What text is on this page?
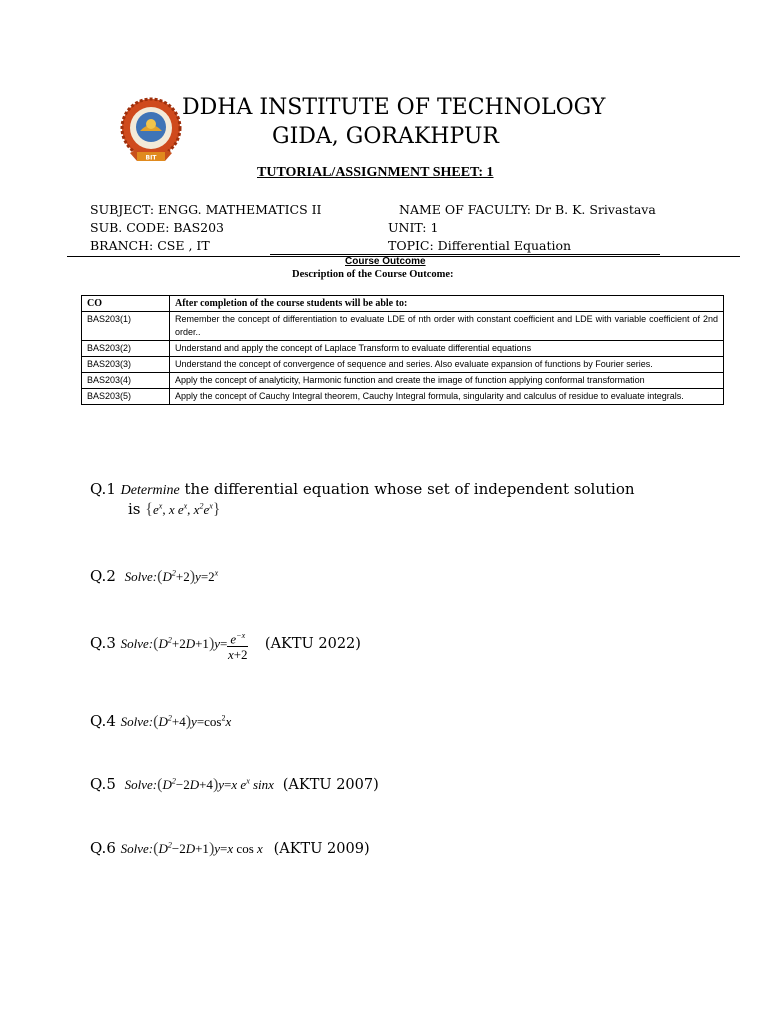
BIT
DDHA INSTITUTE OF TECHNOLOGY
GIDA, GORAKHPUR
TUTORIAL/ASSIGNMENT SHEET: 1
SUBJECT: ENGG. MATHEMATICS II	NAME OF FACULTY: Dr B. K. Srivastava
SUB. CODE: BAS203	UNIT: 1
BRANCH: CSE , IT	TOPIC: Differential Equation
Course Outcome
Description of the Course Outcome:
CO	After completion of the course students will be able to:
BAS203(1)	Remember the concept of differentiation to evaluate LDE of nth order with constant coefficient and LDE with variable coefficient of 2nd order..
BAS203(2)	Understand and apply the concept of Laplace Transform to evaluate differential equations
BAS203(3)	Understand the concept of convergence of sequence and series. Also evaluate expansion of functions by Fourier series.
BAS203(4)	Apply the concept of analyticity, Harmonic function and create the image of function applying conformal transformation
BAS203(5)	Apply the concept of Cauchy Integral theorem, Cauchy Integral formula, singularity and calculus of residue to evaluate integrals.
Q.1 Determine the differential equation whose set of independent solution
is {$e^x$, x $e^x$, $x^2e^x$}
Q.2 $Solve:(D^2+2)y=2^x$
Q.3 $Solve:(D^2+2D+1)y= \frac{e^{-x}}{x+2}$ (AKTU 2022)
Q.4 $Solve:(D^2+4)y=\cos^2x$
Q.5 $Solve:(D^2-2D+4)y=x$ $e^x$ sinx (AKTU 2007)
Q.6 $Solve:(D^2-2D+1)y=x$ cos x (AKTU 2009)
